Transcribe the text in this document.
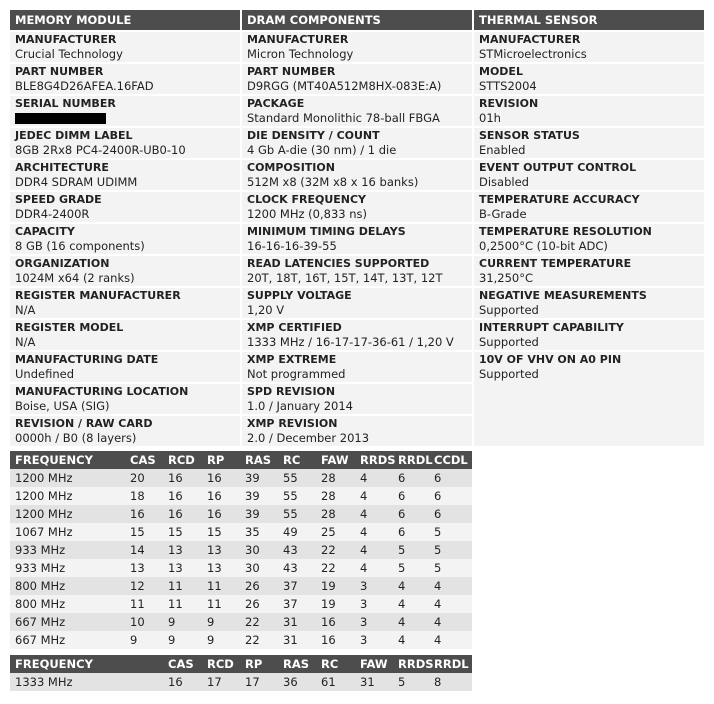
MEMORY MODULE
MANUFACTURER
Crucial Technology
PART NUMBER
BLE8G4D26AFEA.16FAD
SERIAL NUMBER
JEDEC DIMM LABEL
8GB 2Rx8 PC4-2400R-UB0-10
ARCHITECTURE
DDR4 SDRAM UDIMM
SPEED GRADE
DDR4-2400R
CAPACITY
8 GB (16 components)
ORGANIZATION
1024M x64 (2 ranks)
REGISTER MANUFACTURER
N/A
REGISTER MODEL
N/A
MANUFACTURING DATE
Undefined
MANUFACTURING LOCATION
Boise, USA (SIG)
REVISION / RAW CARD
0000h / B0 (8 layers)
DRAM COMPONENTS
MANUFACTURER
Micron Technology
PART NUMBER
D9RGG (MT40A512M8HX-083E:A)
PACKAGE
Standard Monolithic 78-ball FBGA
DIE DENSITY / COUNT
4 Gb A-die (30 nm) / 1 die
COMPOSITION
512M x8 (32M x8 x 16 banks)
CLOCK FREQUENCY
1200 MHz (0,833 ns)
MINIMUM TIMING DELAYS
16-16-16-39-55
READ LATENCIES SUPPORTED
20T, 18T, 16T, 15T, 14T, 13T, 12T
SUPPLY VOLTAGE
1,20 V
XMP CERTIFIED
1333 MHz / 16-17-17-36-61 / 1,20 V
XMP EXTREME
Not programmed
SPD REVISION
1.0 / January 2014
XMP REVISION
2.0 / December 2013
THERMAL SENSOR
MANUFACTURER
STMicroelectronics
MODEL
STTS2004
REVISION
01h
SENSOR STATUS
Enabled
EVENT OUTPUT CONTROL
Disabled
TEMPERATURE ACCURACY
B-Grade
TEMPERATURE RESOLUTION
0,2500°C (10-bit ADC)
CURRENT TEMPERATURE
31,250°C
NEGATIVE MEASUREMENTS
Supported
INTERRUPT CAPABILITY
Supported
10V OF VHV ON A0 PIN
Supported
FREQUENCY	CAS RCD RP RAS RC FAW RRDS RRDL CCDL
1200 MHz	20 16 16 39 55 28 4	6 6
1200 MHz	18 16 16 39 55 28 4	6 6
1200 MHz	16 16 16 39 55 28 4	6 6
1067 MHz	15 15 15 35 49 25 4	6 5
933 MHz	14 13 13 30 43 22 4	5 5
933 MHz	13 13 13 30 43 22 4	5 5
800 MHz	12 11 11 26 37 19 3	4 4
800 MHz	11 11 11 26 37 19 3	4 4
667 MHz	10 9	9	22 31 16 3	4 4
667 MHz	9	9	9	22 31 16 3	4 4
FREQUENCY	CAS RCD RP RAS RC FAW RRDS RRDL
1333 MHz	16 17 17 36 61 31 5 8
